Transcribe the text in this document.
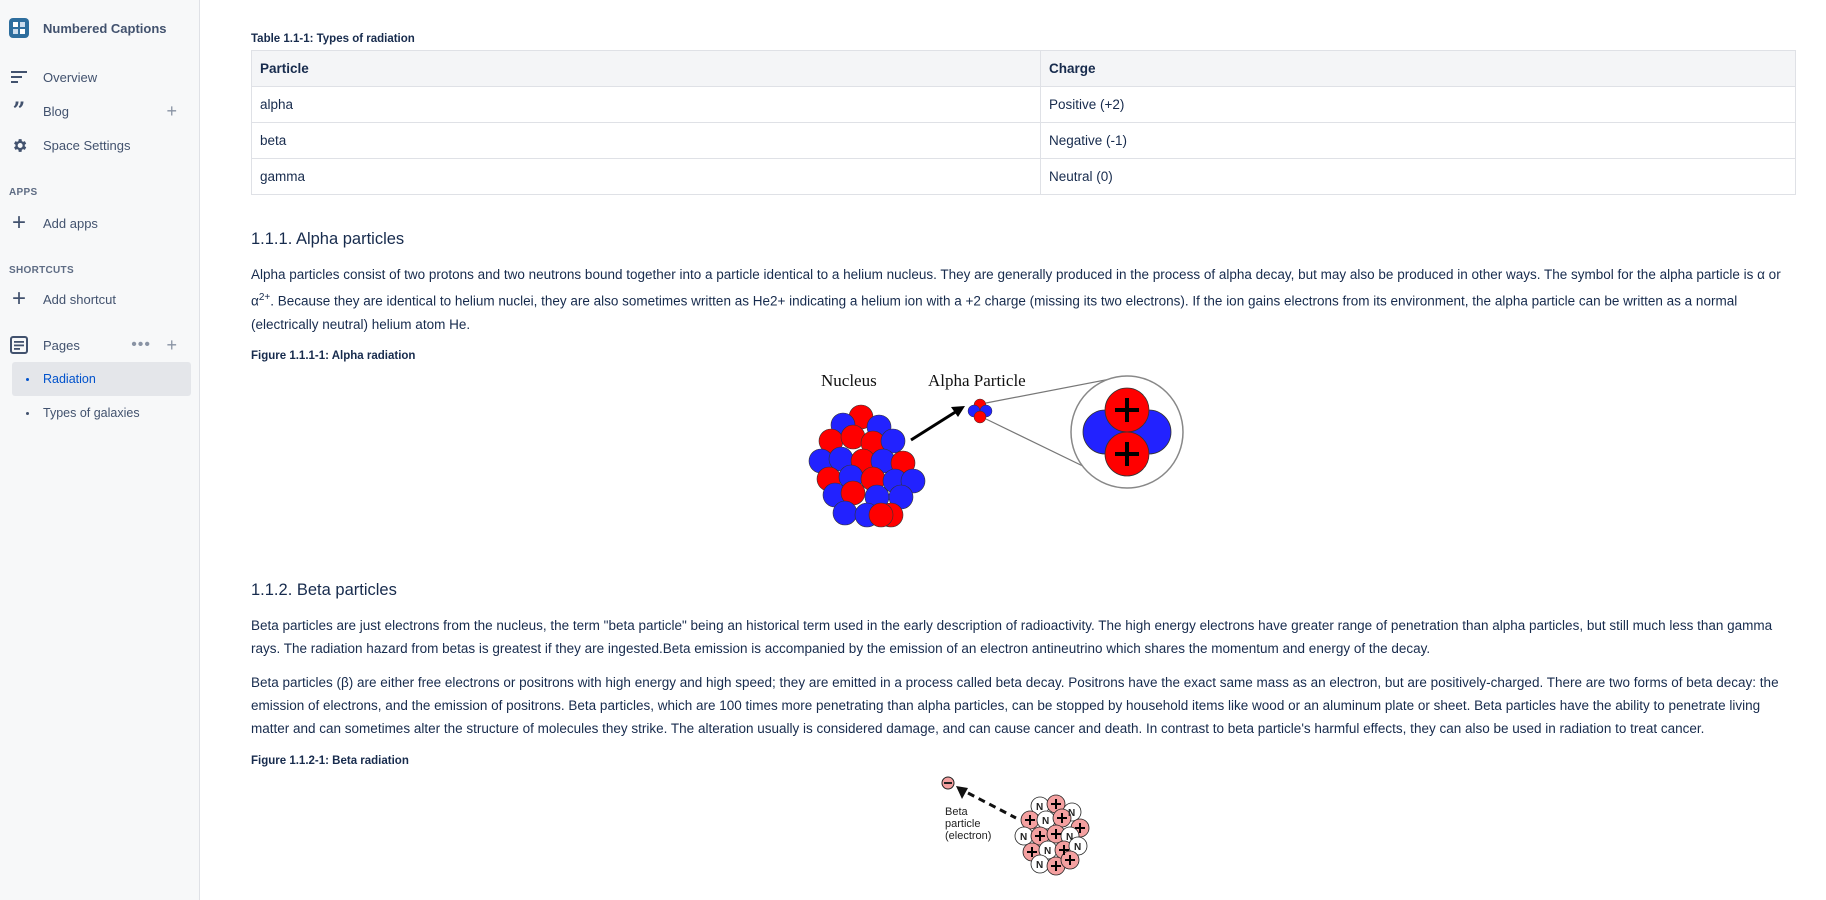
Numbered Captions
Overview
” Blog	+
Space Settings
APPS
+ Add apps
SHORTCUTS
+ Add shortcut
Pages	••• +
Radiation
Types of galaxies
Table 1.1-1: Types of radiation
Particle	Charge
alpha	Positive (+2)
beta	Negative (-1)
gamma	Neutral (0)
1.1.1. Alpha particles

Alpha particles consist of two protons and two neutrons bound together into a particle identical to a helium nucleus. They are generally produced in the process of alpha decay, but may also be produced in other ways. The symbol for the alpha particle is α or $\alpha^{2+}$. Because they are identical to helium nuclei, they are also sometimes written as He2+ indicating a helium ion with a +2 charge (missing its two electrons). If the ion gains electrons from its environment, the alpha particle can be written as a normal (electrically neutral) helium atom He.

Figure 1.1.1-1: Alpha radiation
Nucleus	Alpha Particle
1.1.2. Beta particles

Beta particles are just electrons from the nucleus, the term "beta particle" being an historical term used in the early description of radioactivity. The high energy electrons have greater range of penetration than alpha particles, but still much less than gamma rays. The radiation hazard from betas is greatest if they are ingested.Beta emission is accompanied by the emission of an electron antineutrino which shares the momentum and energy of the decay.

Beta particles (β) are either free electrons or positrons with high energy and high speed; they are emitted in a process called beta decay. Positrons have the exact same mass as an electron, but are positively-charged. There are two forms of beta decay: the emission of electrons, and the emission of positrons. Beta particles, which are 100 times more penetrating than alpha particles, can be stopped by household items like wood or an aluminum plate or sheet. Beta particles have the ability to penetrate living matter and can sometimes alter the structure of molecules they strike. The alteration usually is considered damage, and can cause cancer and death. In contrast to beta particle's harmful effects, they can also be used in radiation to treat cancer.

Figure 1.1.2-1: Beta radiation
Beta
particle
(electron)
N
N
N
N	N
N N
N
